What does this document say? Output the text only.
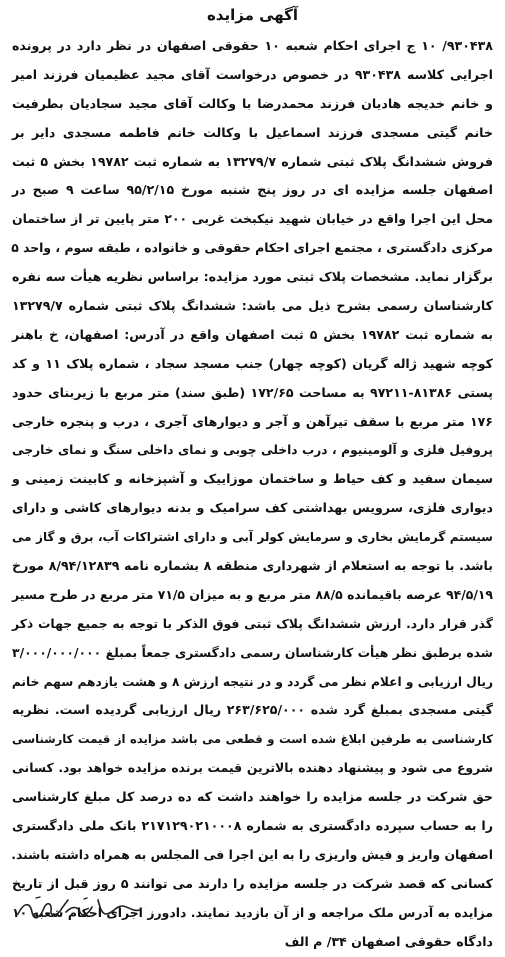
آگهی مزایده
۹۳۰۴۳۸/ ۱۰ ج اجرای احکام شعبه ۱۰ حقوقی اصفهان در نظر دارد در پرونده
اجرایی کلاسه ۹۳۰۴۳۸ در خصوص درخواست آقای مجید عظیمیان فرزند امیر
و خانم خدیجه هادیان فرزند محمدرضا با وکالت آقای مجید سجادیان بطرفیت
خانم گیتی مسجدی فرزند اسماعیل با وکالت خانم فاطمه مسجدی دایر بر
فروش ششدانگ پلاک ثبتی شماره ۱۳۲۷۹/۷ به شماره ثبت ۱۹۷۸۲ بخش ۵ ثبت
اصفهان جلسه مزایده ای در روز پنج شنبه مورخ ۹۵/۲/۱۵ ساعت ۹ صبح در
محل این اجرا واقع در خیابان شهید نیکبخت غربی ۲۰۰ متر پایین تر از ساختمان
مرکزی دادگستری ، مجتمع اجرای احکام حقوقی و خانواده ، طبقه سوم ، واحد ۵
برگزار نماید. مشخصات پلاک ثبتی مورد مزایده: براساس نظریه هیأت سه نفره
کارشناسان رسمی بشرح ذیل می باشد: ششدانگ پلاک ثبتی شماره ۱۳۲۷۹/۷
به شماره ثبت ۱۹۷۸۲ بخش ۵ ثبت اصفهان واقع در آدرس: اصفهان، خ باهنر
کوچه شهید ژاله گریان (کوچه چهار) جنب مسجد سجاد ، شماره پلاک ۱۱ و کد
پستی ۸۱۳۸۶-۹۷۲۱۱ به مساحت ۱۷۲/۶۵ (طبق سند) متر مربع با زیربنای حدود
۱۷۶ متر مربع با سقف تیرآهن و آجر و دیوارهای آجری ، درب و پنجره خارجی
پروفیل فلزی و آلومینیوم ، درب داخلی چوبی و نمای داخلی سنگ و نمای خارجی
سیمان سفید و کف حیاط و ساختمان موزاییک و آشپزخانه و کابینت زمینی و
دیواری فلزی، سرویس بهداشتی کف سرامیک و بدنه دیوارهای کاشی و دارای
سیستم گرمایش بخاری و سرمایش کولر آبی و دارای اشتراکات آب، برق و گاز می
باشد. با توجه به استعلام از شهرداری منطقه ۸ بشماره نامه ۸/۹۴/۱۲۸۳۹ مورخ
۹۴/۵/۱۹ عرصه باقیمانده ۸۸/۵ متر مربع و به میزان ۷۱/۵ متر مربع در طرح مسیر
گذر قرار دارد. ارزش ششدانگ پلاک ثبتی فوق الذکر با توجه به جمیع جهات ذکر
شده برطبق نظر هیأت کارشناسان رسمی دادگستری جمعاً بمبلغ ۳/۰۰۰/۰۰۰/۰۰۰
ریال ارزیابی و اعلام نظر می گردد و در نتیجه ارزش ۸ و هشت یازدهم سهم خانم
گیتی مسجدی بمبلغ گرد شده ۲۶۳/۶۲۵/۰۰۰ ریال ارزیابی گردیده است. نظریه
کارشناسی به طرفین ابلاغ شده است و قطعی می باشد مزایده از قیمت کارشناسی
شروع می شود و پیشنهاد دهنده بالاترین قیمت برنده مزایده خواهد بود. کسانی
حق شرکت در جلسه مزایده را خواهند داشت که ده درصد کل مبلغ کارشناسی
را به حساب سپرده دادگستری به شماره ۲۱۷۱۲۹۰۲۱۰۰۰۸ بانک ملی دادگستری
اصفهان واریز و فیش واریزی را به این اجرا فی المجلس به همراه داشته باشند.
کسانی که قصد شرکت در جلسه مزایده را دارند می توانند ۵ روز قبل از تاریخ
مزایده به آدرس ملک مراجعه و از آن بازدید نمایند. دادورز اجرای احکام شعبه ۱۰
دادگاه حقوقی اصفهان ۳۴/ م الف
